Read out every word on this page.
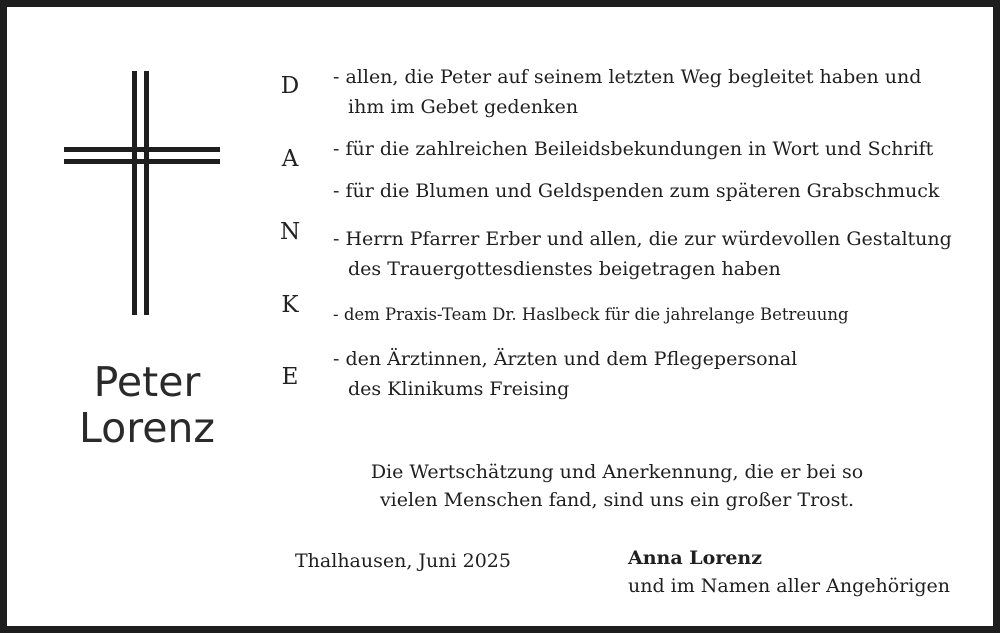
Peter
Lorenz
D
A
N
K
E
- allen, die Peter auf seinem letzten Weg begleitet haben und
ihm im Gebet gedenken
- für die zahlreichen Beileidsbekundungen in Wort und Schrift
- für die Blumen und Geldspenden zum späteren Grabschmuck
- Herrn Pfarrer Erber und allen, die zur würdevollen Gestaltung
des Trauergottesdienstes beigetragen haben
- dem Praxis-Team Dr. Haslbeck für die jahrelange Betreuung
- den Ärztinnen, Ärzten und dem Pflegepersonal
des Klinikums Freising
Die Wertschätzung und Anerkennung, die er bei so
vielen Menschen fand, sind uns ein großer Trost.
Thalhausen, Juni 2025	Anna Lorenz
und im Namen aller Angehörigen
